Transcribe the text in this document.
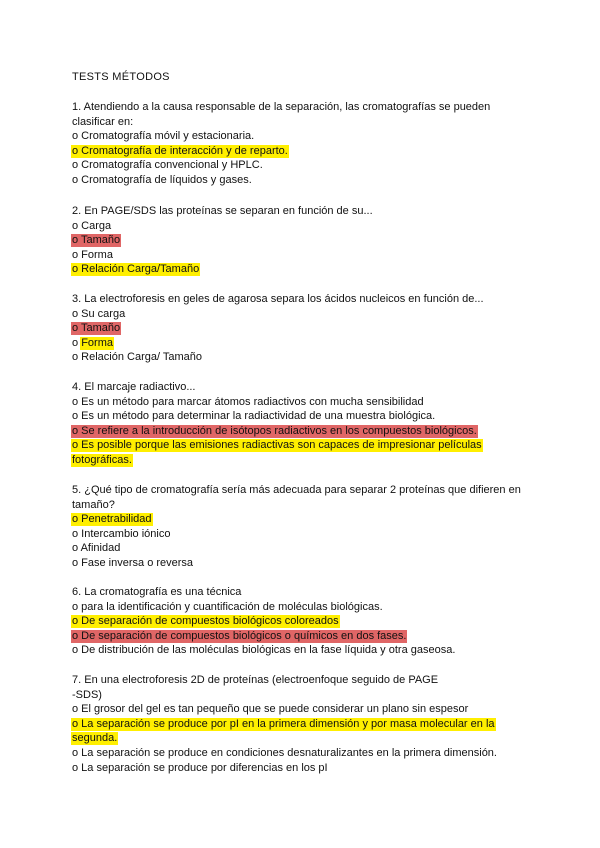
TESTS MÉTODOS
1. Atendiendo a la causa responsable de la separación, las cromatografías se pueden
clasificar en:
o Cromatografía móvil y estacionaria.
o Cromatografía de interacción y de reparto.
o Cromatografía convencional y HPLC.
o Cromatografía de líquidos y gases.
2. En PAGE/SDS las proteínas se separan en función de su...
o Carga
o Tamaño
o Forma
o Relación Carga/Tamaño
3. La electroforesis en geles de agarosa separa los ácidos nucleicos en función de...
o Su carga
o Tamaño
o Forma
o Relación Carga/ Tamaño
4. El marcaje radiactivo...
o Es un método para marcar átomos radiactivos con mucha sensibilidad
o Es un método para determinar la radiactividad de una muestra biológica.
o Se refiere a la introducción de isótopos radiactivos en los compuestos biológicos.
o Es posible porque las emisiones radiactivas son capaces de impresionar películas
fotográficas.
5. ¿Qué tipo de cromatografía sería más adecuada para separar 2 proteínas que difieren en
tamaño?
o Penetrabilidad
o Intercambio iónico
o Afinidad
o Fase inversa o reversa
6. La cromatografía es una técnica
o para la identificación y cuantificación de moléculas biológicas.
o De separación de compuestos biológicos coloreados
o De separación de compuestos biológicos o químicos en dos fases.
o De distribución de las moléculas biológicas en la fase líquida y otra gaseosa.
7. En una electroforesis 2D de proteínas (electroenfoque seguido de PAGE
-SDS)
o El grosor del gel es tan pequeño que se puede considerar un plano sin espesor
o La separación se produce por pI en la primera dimensión y por masa molecular en la
segunda.
o La separación se produce en condiciones desnaturalizantes en la primera dimensión.
o La separación se produce por diferencias en los pI
